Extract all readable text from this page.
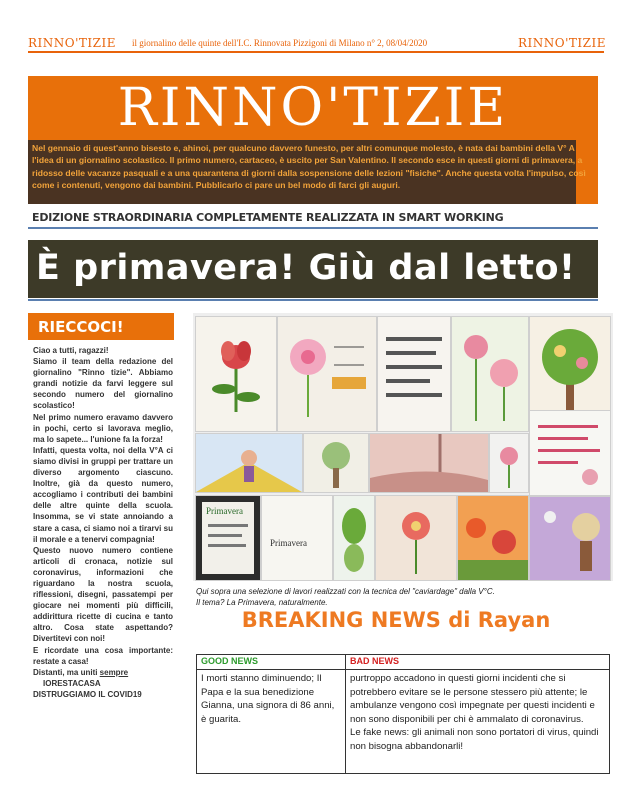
RINNO'TIZIE il giornalino delle quinte dell'I.C. Rinnovata Pizzigoni di Milano n° 2, 08/04/2020	RINNO'TIZIE
RINNO'TIZIE
Nel gennaio di quest'anno bisesto e, ahinoi, per qualcuno davvero funesto, per altri comunque molesto, è nata dai bambini della V° A l'idea di un giornalino scolastico. Il primo numero, cartaceo, è uscito per San Valentino. Il secondo esce in questi giorni di primavera, a ridosso delle vacanze pasquali e a una quarantena di giorni dalla sospensione delle lezioni "fisiche". Anche questa volta l'impulso, così come i contenuti, vengono dai bambini. Pubblicarlo ci pare un bel modo di farci gli auguri.
EDIZIONE STRAORDINARIA COMPLETAMENTE REALIZZATA IN SMART WORKING
È primavera! Giù dal letto!
RIECCOCI!

Ciao a tutti, ragazzi!

Siamo il team della redazione del giornalino "Rinno tizie". Abbiamo grandi notizie da farvi leggere sul secondo numero del giornalino scolastico!

Nel primo numero eravamo davvero in pochi, certo si lavorava meglio, ma lo sapete... l'unione fa la forza!

Infatti, questa volta, noi della V°A ci siamo divisi in gruppi per trattare un diverso argomento ciascuno. Inoltre, già da questo numero, accogliamo i contributi dei bambini delle altre quinte della scuola. Insomma, se vi state annoiando a stare a casa, ci siamo noi a tirarvi su il morale e a tenervi compagnia!

Questo nuovo numero contiene articoli di cronaca, notizie sul coronavirus, informazioni che riguardano la nostra scuola, riflessioni, disegni, passatempi per giocare nei momenti più difficili, addirittura ricette di cucina e tanto altro. Cosa state aspettando? Divertitevi con noi!

E ricordate una cosa importante: restate a casa!

Distanti, ma uniti sempre

IORESTACASA

DISTRUGGIAMO IL COVID19

Primavera
Primavera
Qui sopra una selezione di lavori realizzati con la tecnica del "caviardage" dalla V°C.
Il tema? La Primavera, naturalmente.
BREAKING NEWS di Rayan
GOOD NEWS
I morti stanno diminuendo; Il Papa e la sua benedizione Gianna, una signora di 86 anni, è guarita.
BAD NEWS
purtroppo accadono in questi giorni incidenti che si potrebbero evitare se le persone stessero più attente; le ambulanze vengono così impegnate per questi incidenti e non sono disponibili per chi è ammalato di coronavirus.
Le fake news: gli animali non sono portatori di virus, quindi non bisogna abbandonarli!
